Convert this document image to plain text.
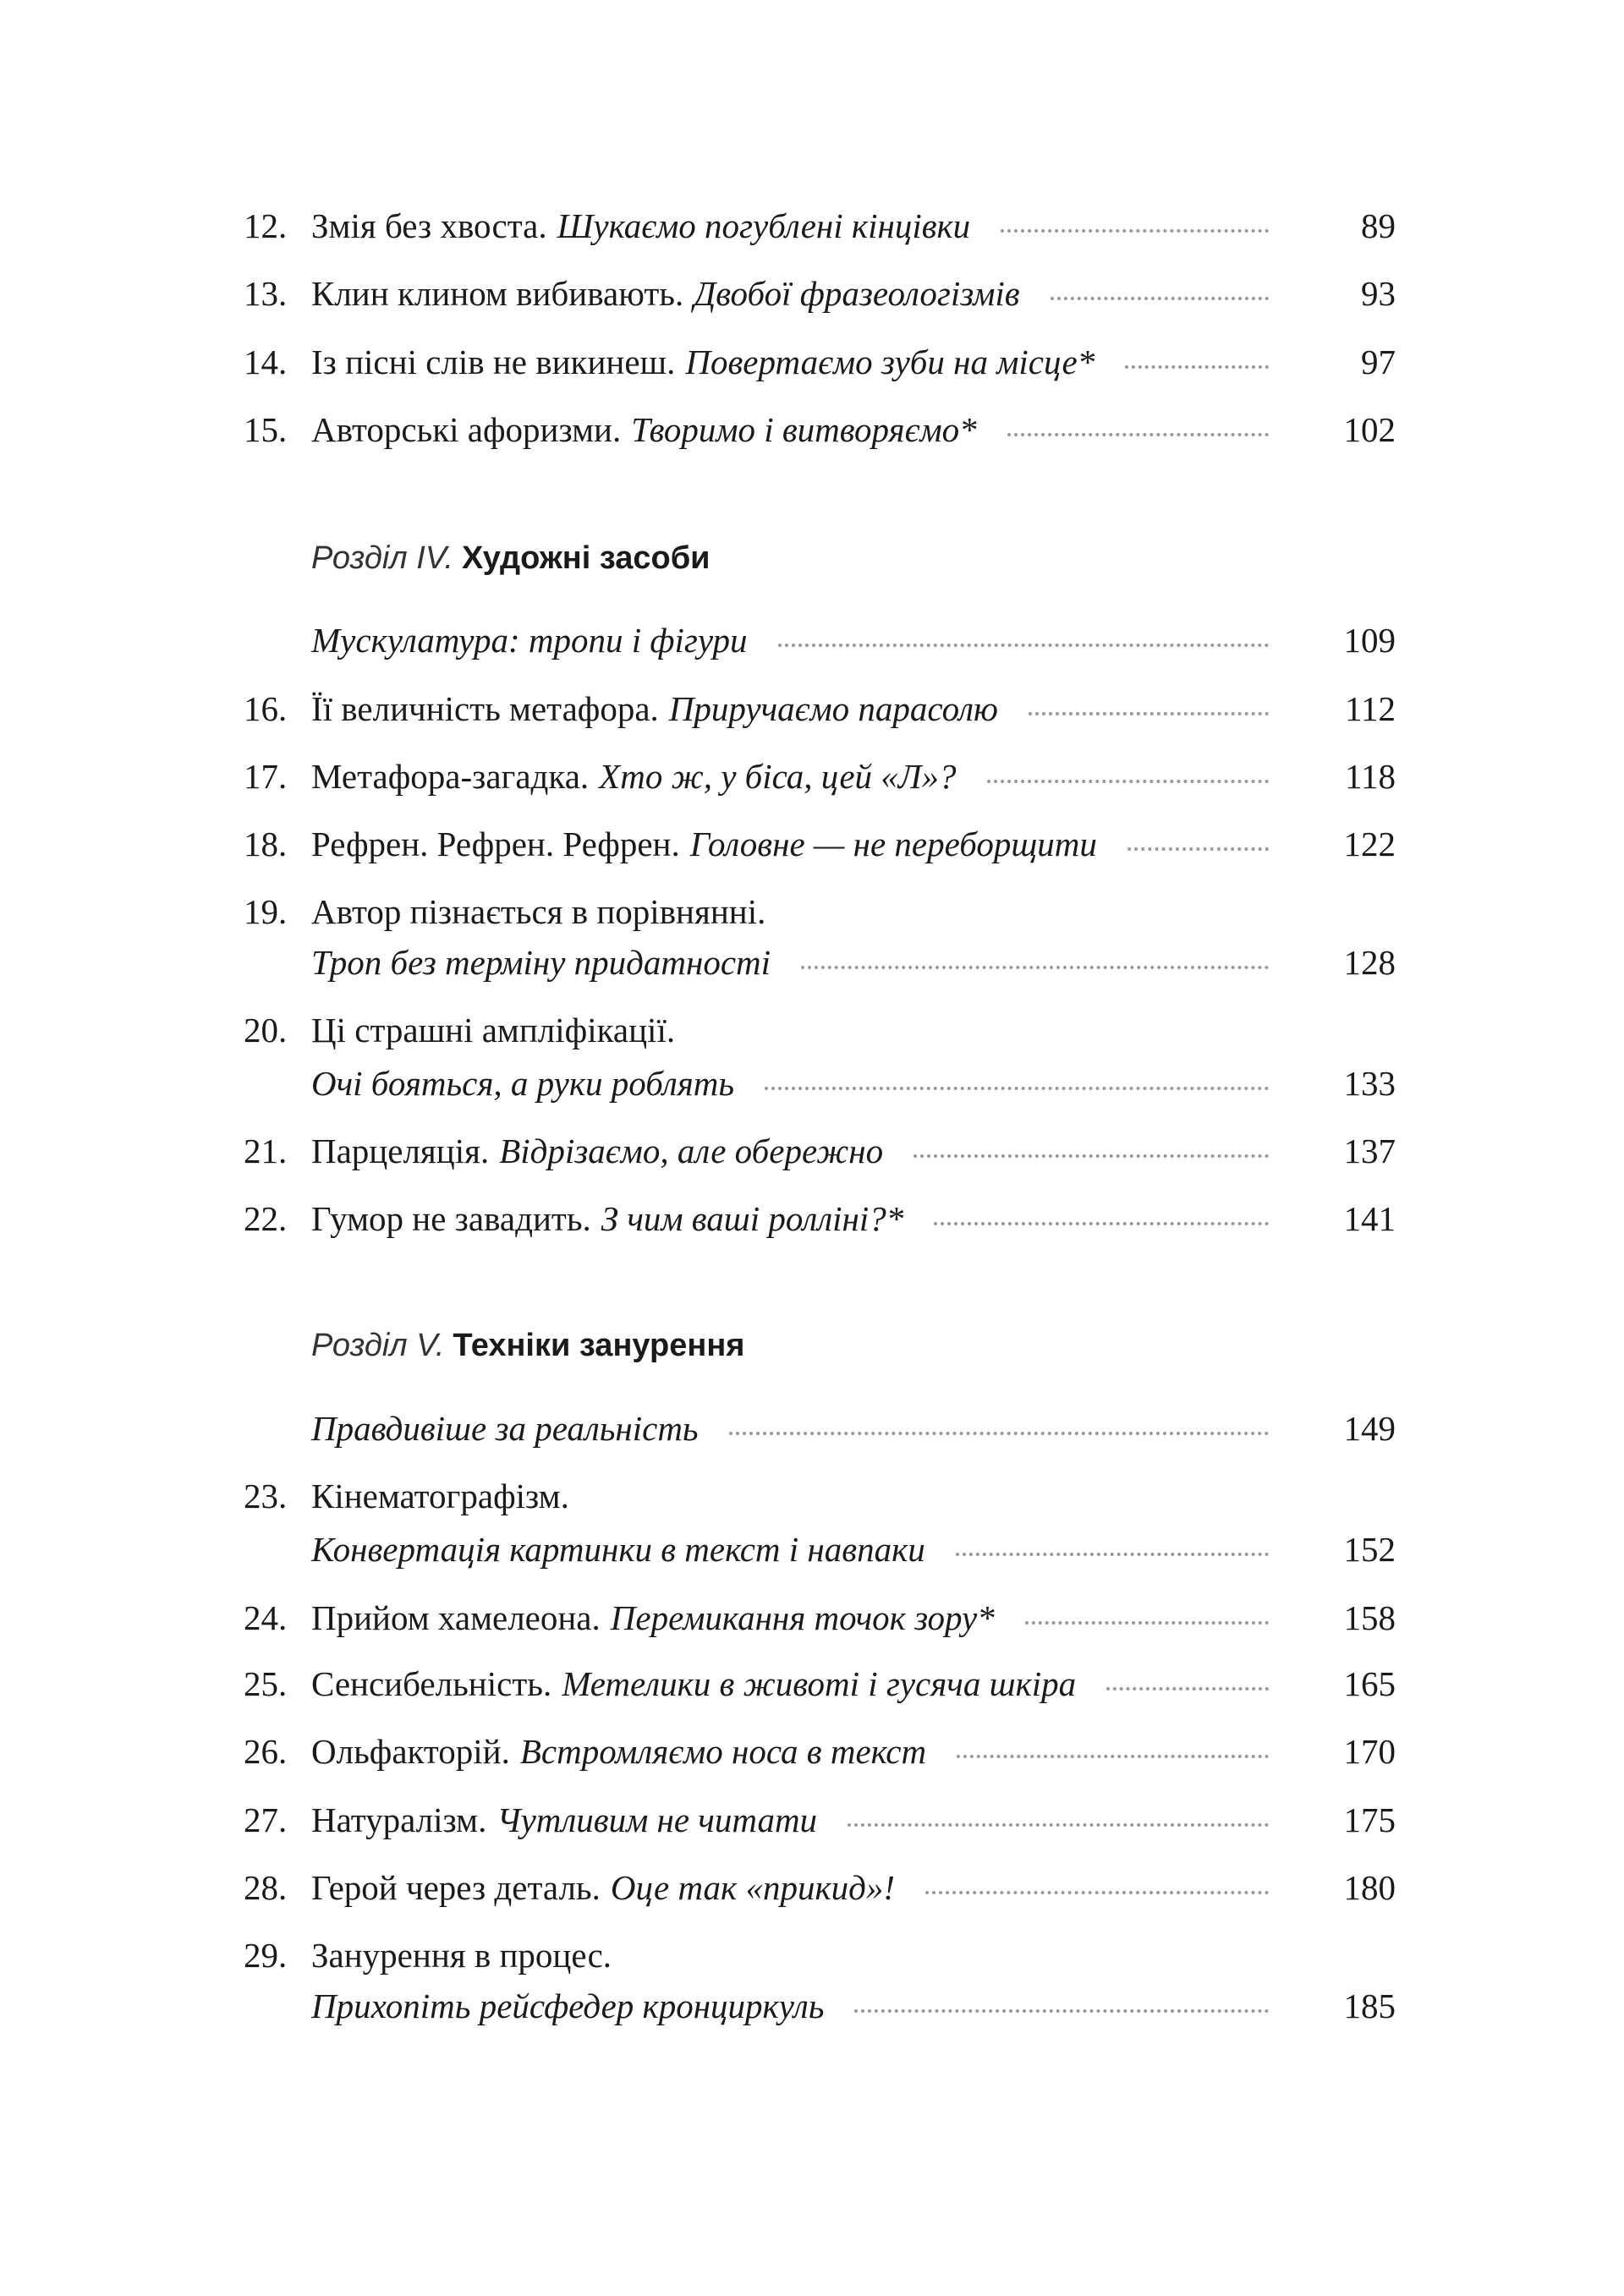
12. Змія без хвоста. Шукаємо погублені кінцівки	89
13. Клин клином вибивають. Двобої фразеологізмів	93
14. Із пісні слів не викинеш. Повертаємо зуби на місце*	97
15. Авторські афоризми. Творимо і витворяємо*	102
Розділ IV. Художні засоби
Мускулатура: тропи і фігури	109
16. Її величність метафора. Приручаємо парасолю	112
17. Метафора-загадка. Хто ж, у біса, цей «Л»?	118
18. Рефрен. Рефрен. Рефрен. Головне — не переборщити	122
19. Автор пізнається в порівнянні.
Троп без терміну придатності	128
20. Ці страшні ампліфікації.
Очі бояться, а руки роблять	133
21. Парцеляція. Відрізаємо, але обережно	137
22. Гумор не завадить. З чим ваші ролліні?*	141
Розділ V. Техніки занурення
Правдивіше за реальність	149
23. Кінематографізм.
Конвертація картинки в текст і навпаки	152
24. Прийом хамелеона. Перемикання точок зору*	158
25. Сенсибельність. Метелики в животі і гусяча шкіра	165
26. Ольфакторій. Встромляємо носа в текст	170
27. Натуралізм. Чутливим не читати	175
28. Герой через деталь. Оце так «прикид»!	180
29. Занурення в процес.
Прихопіть рейсфедер кронциркуль	185
